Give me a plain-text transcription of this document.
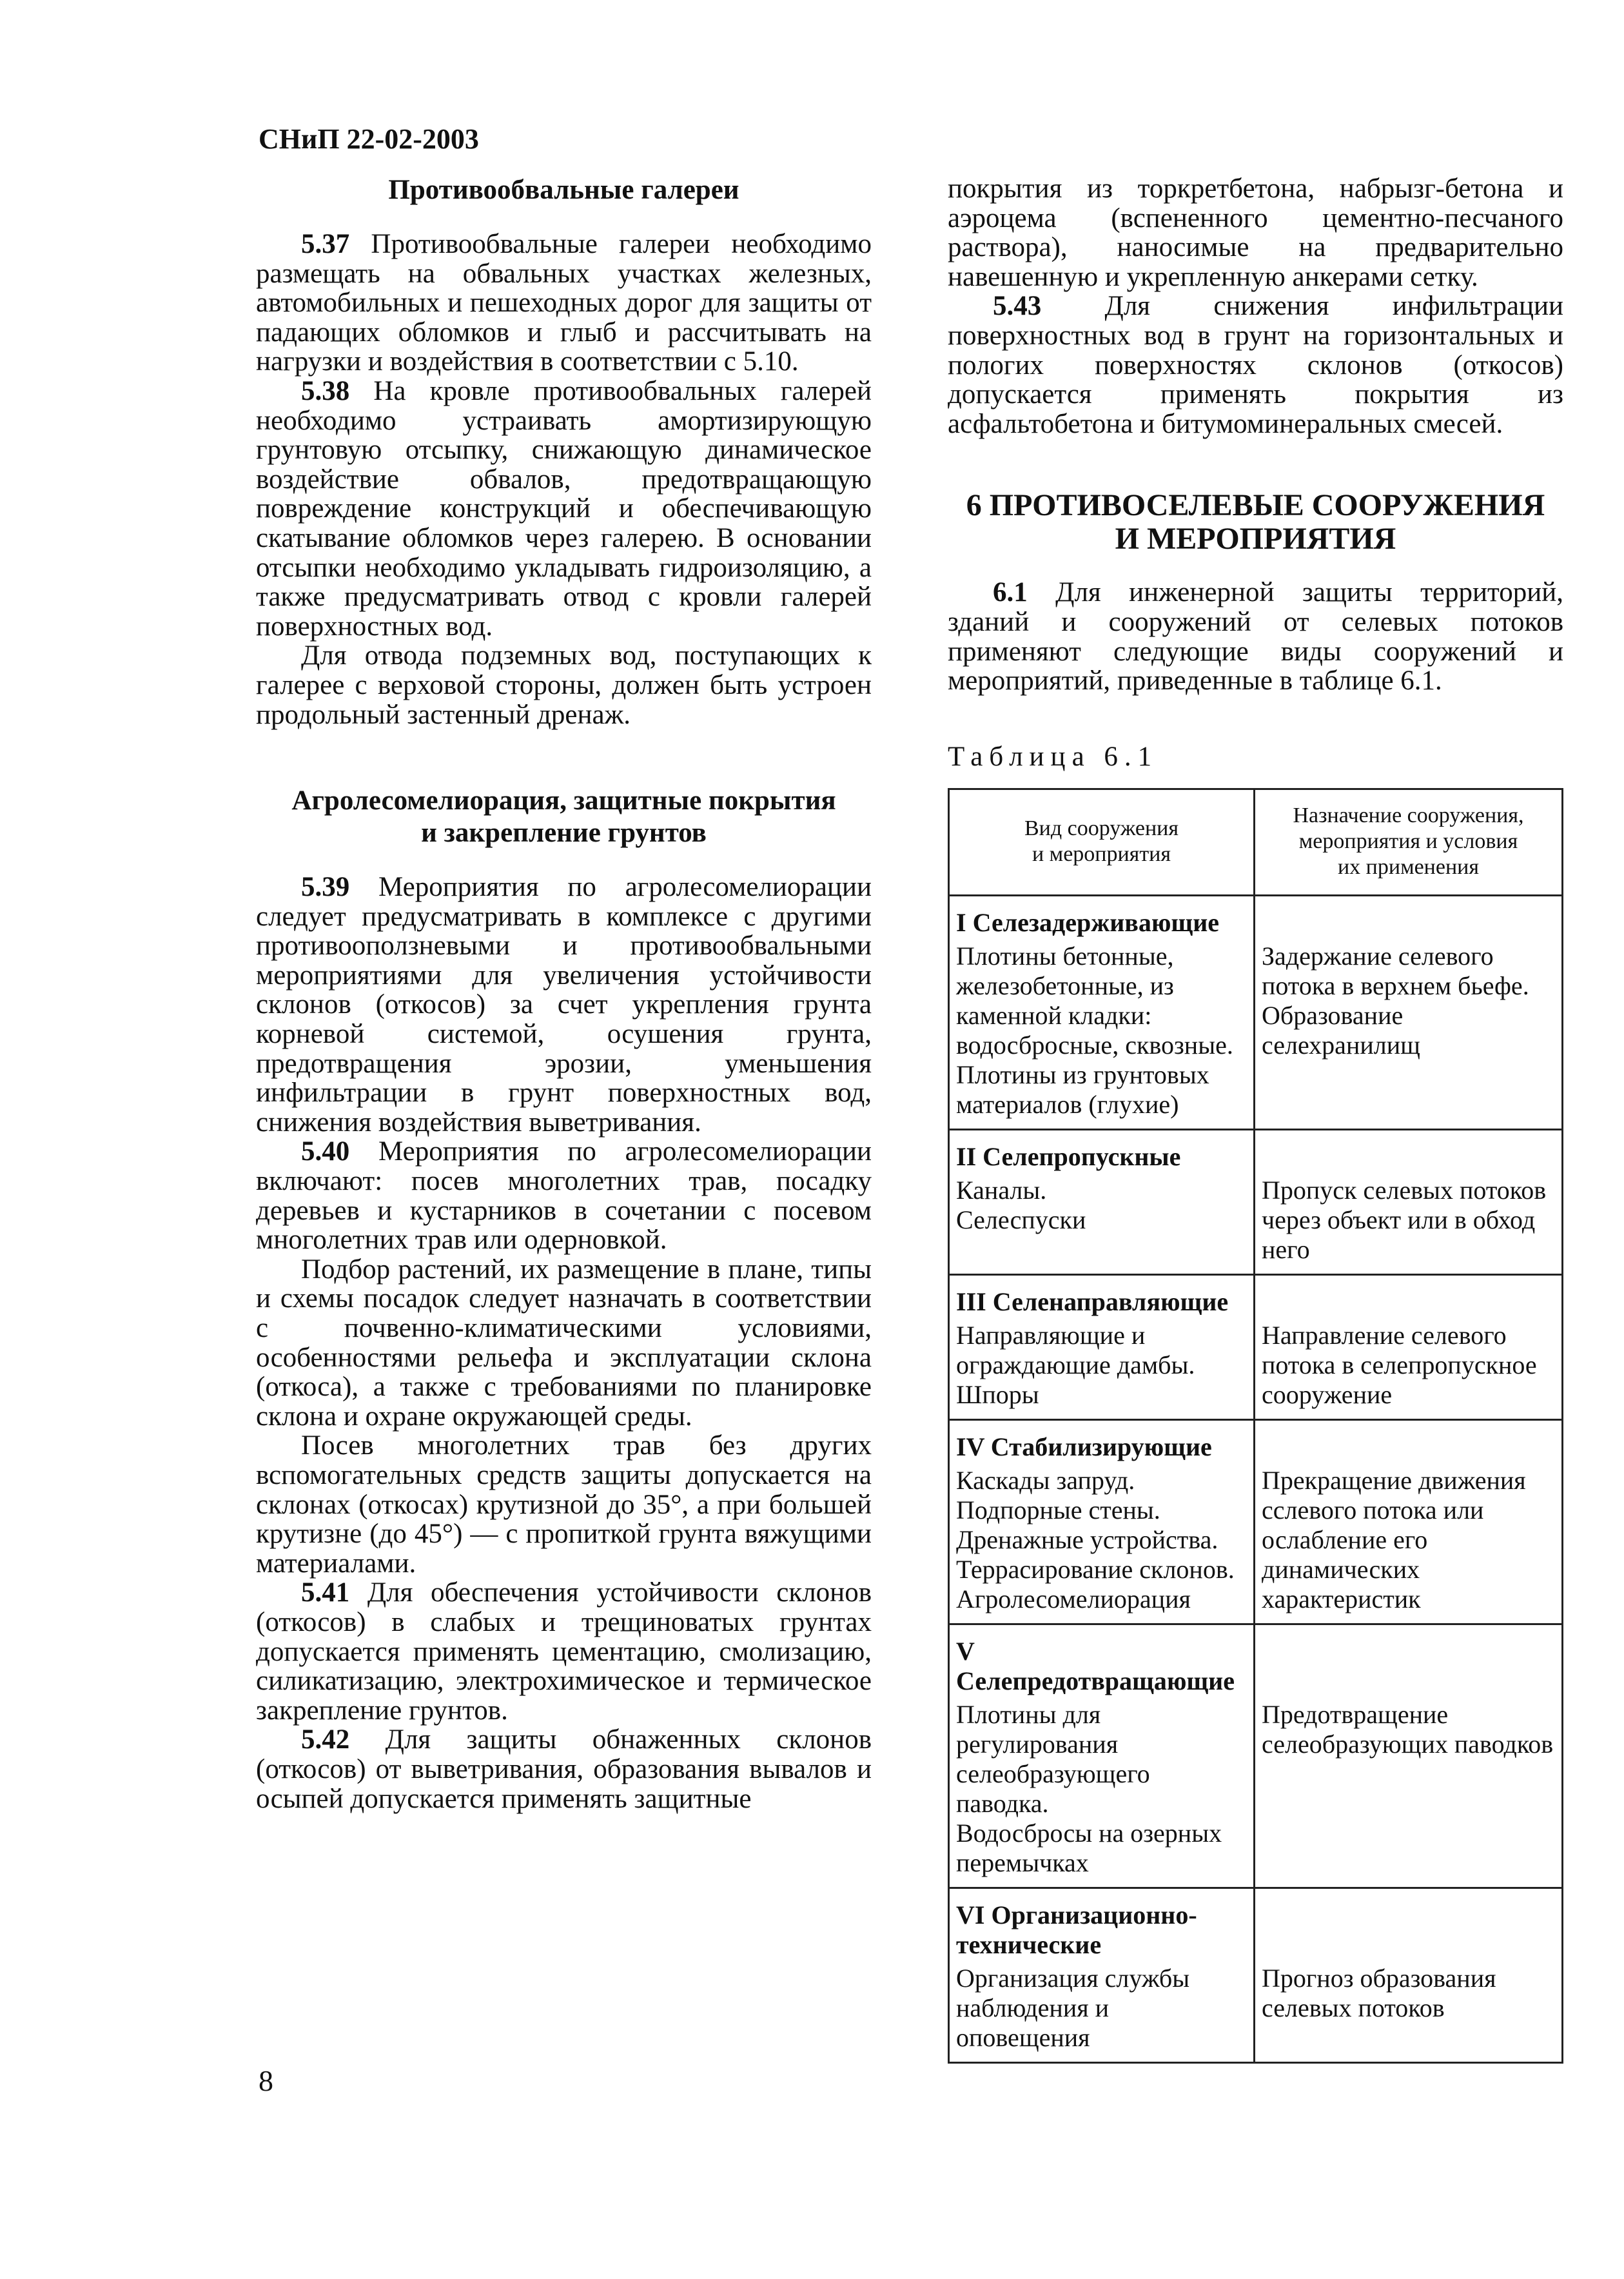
СНиП 22-02-2003
Противообвальные галереи

5.37 Противообвальные галереи необходимо размещать на обвальных участках железных, автомобильных и пешеходных дорог для защиты от падающих обломков и глыб и рассчитывать на нагрузки и воздействия в соответствии с 5.10.

5.38 На кровле противообвальных галерей необходимо устраивать амортизирующую грунтовую отсыпку, снижающую динамическое воздействие обвалов, предотвращающую повреждение конструкций и обеспечивающую скатывание обломков через галерею. В основании отсыпки необходимо укладывать гидроизоляцию, а также предусматривать отвод с кровли галерей поверхностных вод.

Для отвода подземных вод, поступающих к галерее с верховой стороны, должен быть устроен продольный застенный дренаж.

Агролесомелиорация, защитные покрытия
и закрепление грунтов

5.39 Мероприятия по агролесомелиорации следует предусматривать в комплексе с другими противооползневыми и противообвальными мероприятиями для увеличения устойчивости склонов (откосов) за счет укрепления грунта корневой системой, осушения грунта, предотвращения эрозии, уменьшения инфильтрации в грунт поверхностных вод, снижения воздействия выветривания.

5.40 Мероприятия по агролесомелиорации включают: посев многолетних трав, посадку деревьев и кустарников в сочетании с посевом многолетних трав или одерновкой.

Подбор растений, их размещение в плане, типы и схемы посадок следует назначать в соответствии с почвенно-климатическими условиями, особенностями рельефа и эксплуатации склона (откоса), а также с требованиями по планировке склона и охране окружающей среды.

Посев многолетних трав без других вспомогательных средств защиты допускается на склонах (откосах) крутизной до 35°, а при большей крутизне (до 45°) — с пропиткой грунта вяжущими материалами.

5.41 Для обеспечения устойчивости склонов (откосов) в слабых и трещиноватых грунтах допускается применять цементацию, смолизацию, силикатизацию, электрохимическое и термическое закрепление грунтов.

5.42 Для защиты обнаженных склонов (откосов) от выветривания, образования вывалов и осыпей допускается применять защитные

покрытия из торкретбетона, набрызг-бетона и аэроцема (вспененного цементно-песчаного раствора), наносимые на предварительно навешенную и укрепленную анкерами сетку.

5.43 Для снижения инфильтрации поверхностных вод в грунт на горизонтальных и пологих поверхностях склонов (откосов) допускается применять покрытия из асфальтобетона и битумоминеральных смесей.

6 ПРОТИВОСЕЛЕВЫЕ СООРУЖЕНИЯ
И МЕРОПРИЯТИЯ

6.1 Для инженерной защиты территорий, зданий и сооружений от селевых потоков применяют следующие виды сооружений и мероприятий, приведенные в таблице 6.1.

Таблица 6.1
Вид сооружения
и мероприятия	Назначение сооружения,
мероприятия и условия
их применения

I Селезадерживающие	

Плотины бетонные, железобетонные, из каменной кладки: водосбросные, сквозные.
Плотины из грунтовых материалов (глухие)	Задержание селевого потока в верхнем бьефе.
Образование селехранилищ

II Селепропускные	

Каналы.
Селеспуски	Пропуск селевых потоков через объект или в обход него

III Селенаправляющие	

Направляющие и ограждающие дамбы.
Шпоры	Направление селевого потока в селепропускное сооружение

IV Стабилизирующие	

Каскады запруд.
Подпорные стены.
Дренажные устройства.
Террасирование склонов.
Агролесомелиорация	Прекращение движения сслевого потока или ослабление его динамических характеристик

V Селепредотвращающие	

Плотины для регулирования селеобразующего паводка.
Водосбросы на озерных перемычках	Предотвращение селеобразующих паводков

VI Организационно-технические	

Организация службы наблюдения и оповещения	Прогноз образования селевых потоков
8
